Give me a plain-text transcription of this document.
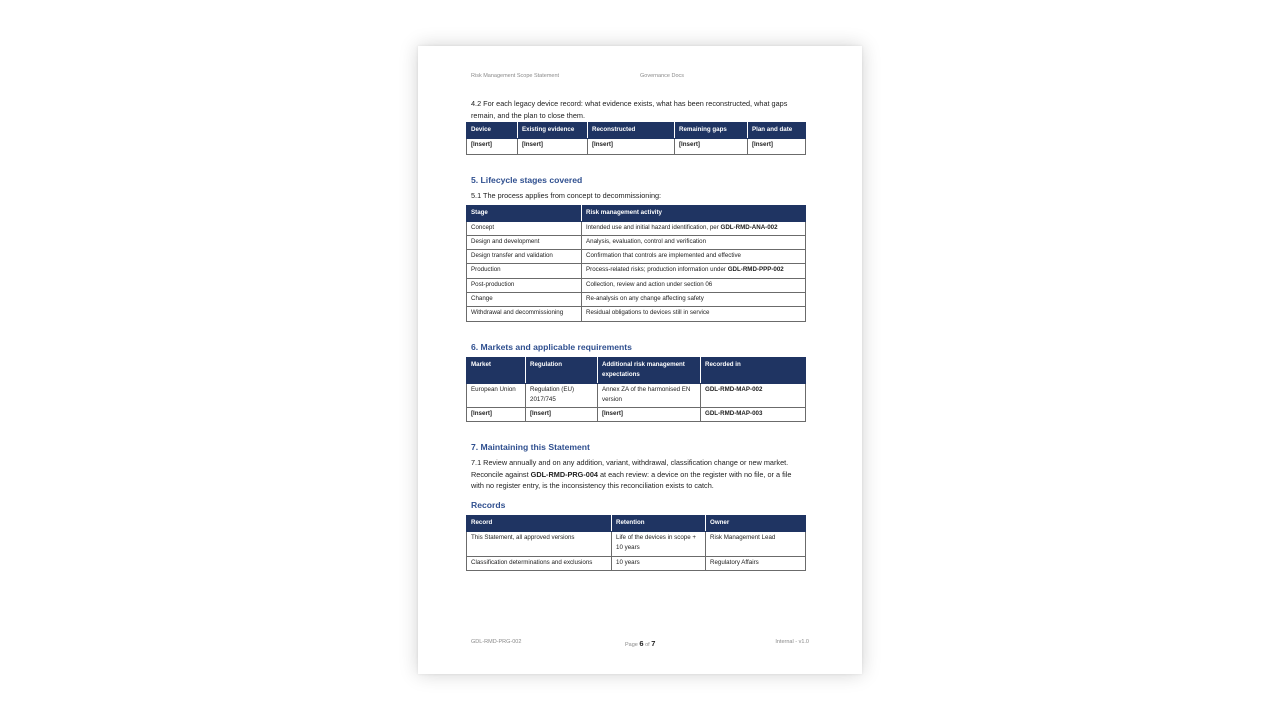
Risk Management Scope Statement	Governance Docs

4.2 For each legacy device record: what evidence exists, what has been reconstructed, what gaps remain, and the plan to close them.

Device	Existing evidence	Reconstructed	Remaining gaps	Plan and date
[Insert]	[Insert]	[Insert]	[Insert]	[Insert]
5. Lifecycle stages covered

5.1 The process applies from concept to decommissioning:

Stage	Risk management activity
Concept	Intended use and initial hazard identification, per GDL-RMD-ANA-002
Design and development	Analysis, evaluation, control and verification
Design transfer and validation	Confirmation that controls are implemented and effective
Production	Process-related risks; production information under GDL-RMD-PPP-002
Post-production	Collection, review and action under section 06
Change	Re-analysis on any change affecting safety
Withdrawal and decommissioning	Residual obligations to devices still in service
6. Markets and applicable requirements
Market	Regulation	Additional risk management expectations	Recorded in
European Union	Regulation (EU) 2017/745	Annex ZA of the harmonised EN version	GDL-RMD-MAP-002
[Insert]	[Insert]	[Insert]	GDL-RMD-MAP-003
7. Maintaining this Statement

7.1 Review annually and on any addition, variant, withdrawal, classification change or new market. Reconcile against GDL-RMD-PRG-004 at each review: a device on the register with no file, or a file with no register entry, is the inconsistency this reconciliation exists to catch.

Records
Record	Retention	Owner
This Statement, all approved versions	Life of the devices in scope + 10 years	Risk Management Lead
Classification determinations and exclusions	10 years	Regulatory Affairs
GDL-RMD-PRG-002	Page 6 of 7	Internal - v1.0
